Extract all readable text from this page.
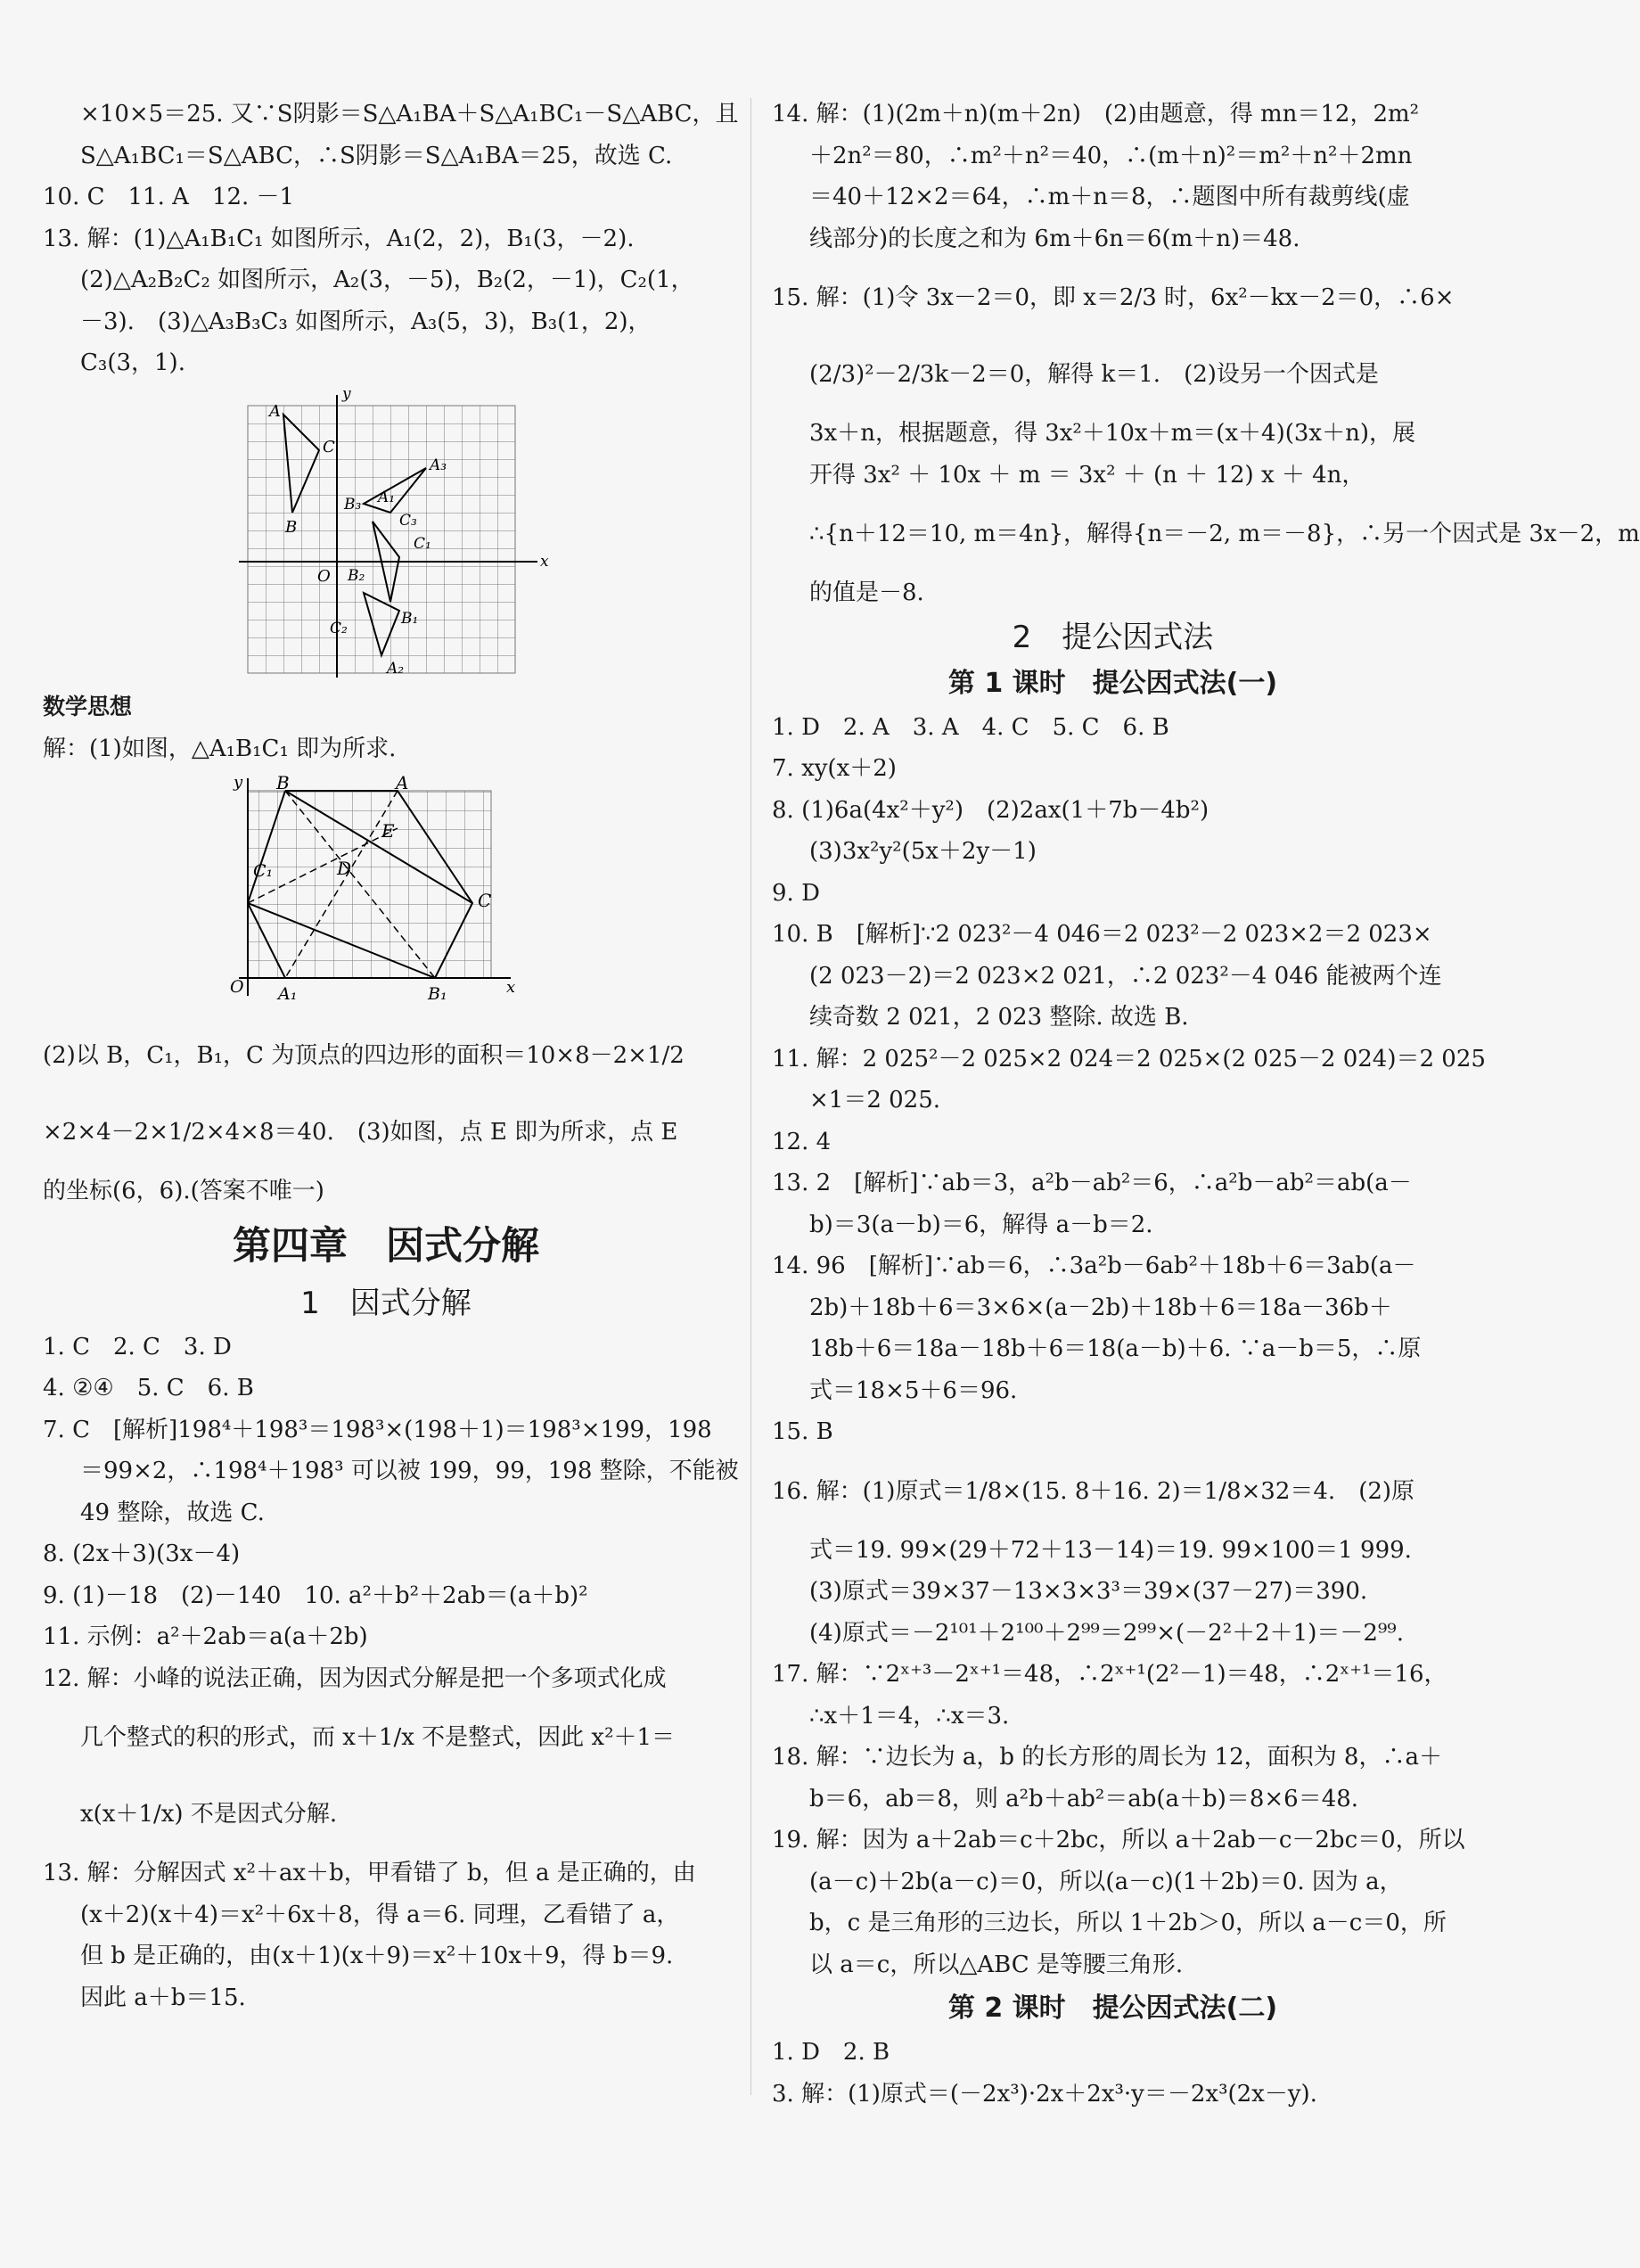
×10×5＝25. 又∵S阴影＝S△A₁BA＋S△A₁BC₁－S△ABC，且
S△A₁BC₁＝S△ABC，∴S阴影＝S△A₁BA＝25，故选 C.
10. C　11. A　12. －1
13. 解：(1)△A₁B₁C₁ 如图所示，A₁(2，2)，B₁(3，－2).
(2)△A₂B₂C₂ 如图所示，A₂(3，－5)，B₂(2，－1)，C₂(1，
－3).　(3)△A₃B₃C₃ 如图所示，A₃(5，3)，B₃(1，2)，
C₃(3，1).
A
C
B
B₃ A₁
A₃
C₃
C₁
O B₂
B₁
C₂
A₂
x
y
数学思想
解：(1)如图，△A₁B₁C₁ 即为所求.
B	A
E
C₁	D
C
O A₁	B₁	x
y
(2)以 B，C₁，B₁，C 为顶点的四边形的面积＝10×8－2×1/2
×2×4－2×1/2×4×8＝40.　(3)如图，点 E 即为所求，点 E
的坐标(6，6).(答案不唯一)
第四章　因式分解
1　因式分解
1. C　2. C　3. D
4. ②④　5. C　6. B
7. C　[解析]198⁴＋198³＝198³×(198＋1)＝198³×199，198
＝99×2，∴198⁴＋198³ 可以被 199，99，198 整除，不能被
49 整除，故选 C.
8. (2x＋3)(3x－4)
9. (1)－18　(2)－140　10. a²＋b²＋2ab＝(a＋b)²
11. 示例：a²＋2ab＝a(a＋2b)
12. 解：小峰的说法正确，因为因式分解是把一个多项式化成
几个整式的积的形式，而 x＋1/x 不是整式，因此 x²＋1＝
x(x＋1/x) 不是因式分解.
13. 解：分解因式 x²＋ax＋b，甲看错了 b，但 a 是正确的，由
(x＋2)(x＋4)＝x²＋6x＋8，得 a＝6. 同理，乙看错了 a，
但 b 是正确的，由(x＋1)(x＋9)＝x²＋10x＋9，得 b＝9.
因此 a＋b＝15.
14. 解：(1)(2m＋n)(m＋2n)　(2)由题意，得 mn＝12，2m²
＋2n²＝80，∴m²＋n²＝40，∴(m＋n)²＝m²＋n²＋2mn
＝40＋12×2＝64，∴m＋n＝8，∴题图中所有裁剪线(虚
线部分)的长度之和为 6m＋6n＝6(m＋n)＝48.
15. 解：(1)令 3x－2＝0，即 x＝2/3 时，6x²－kx－2＝0，∴6×
(2/3)²－2/3k－2＝0，解得 k＝1.　(2)设另一个因式是
3x＋n，根据题意，得 3x²＋10x＋m＝(x＋4)(3x＋n)，展
开得 3x² ＋ 10x ＋ m ＝ 3x² ＋ (n ＋ 12) x ＋ 4n，
∴{n＋12＝10, m＝4n}，解得{n＝－2, m＝－8}，∴另一个因式是 3x－2，m
的值是－8.
2　提公因式法
第 1 课时　提公因式法(一)
1. D　2. A　3. A　4. C　5. C　6. B
7. xy(x＋2)
8. (1)6a(4x²＋y²)　(2)2ax(1＋7b－4b²)
(3)3x²y²(5x＋2y－1)
9. D
10. B　[解析]∵2 023²－4 046＝2 023²－2 023×2＝2 023×
(2 023－2)＝2 023×2 021，∴2 023²－4 046 能被两个连
续奇数 2 021，2 023 整除. 故选 B.
11. 解：2 025²－2 025×2 024＝2 025×(2 025－2 024)＝2 025
×1＝2 025.
12. 4
13. 2　[解析]∵ab＝3，a²b－ab²＝6，∴a²b－ab²＝ab(a－
b)＝3(a－b)＝6，解得 a－b＝2.
14. 96　[解析]∵ab＝6，∴3a²b－6ab²＋18b＋6＝3ab(a－
2b)＋18b＋6＝3×6×(a－2b)＋18b＋6＝18a－36b＋
18b＋6＝18a－18b＋6＝18(a－b)＋6. ∵a－b＝5，∴原
式＝18×5＋6＝96.
15. B
16. 解：(1)原式＝1/8×(15. 8＋16. 2)＝1/8×32＝4.　(2)原
式＝19. 99×(29＋72＋13－14)＝19. 99×100＝1 999.
(3)原式＝39×37－13×3×3³＝39×(37－27)＝390.
(4)原式＝－2¹⁰¹＋2¹⁰⁰＋2⁹⁹＝2⁹⁹×(－2²＋2＋1)＝－2⁹⁹.
17. 解：∵2ˣ⁺³－2ˣ⁺¹＝48，∴2ˣ⁺¹(2²－1)＝48，∴2ˣ⁺¹＝16，
∴x＋1＝4，∴x＝3.
18. 解：∵边长为 a，b 的长方形的周长为 12，面积为 8，∴a＋
b＝6，ab＝8，则 a²b＋ab²＝ab(a＋b)＝8×6＝48.
19. 解：因为 a＋2ab＝c＋2bc，所以 a＋2ab－c－2bc＝0，所以
(a－c)＋2b(a－c)＝0，所以(a－c)(1＋2b)＝0. 因为 a，
b，c 是三角形的三边长，所以 1＋2b＞0，所以 a－c＝0，所
以 a＝c，所以△ABC 是等腰三角形.
第 2 课时　提公因式法(二)
1. D　2. B
3. 解：(1)原式＝(－2x³)·2x＋2x³·y＝－2x³(2x－y).
